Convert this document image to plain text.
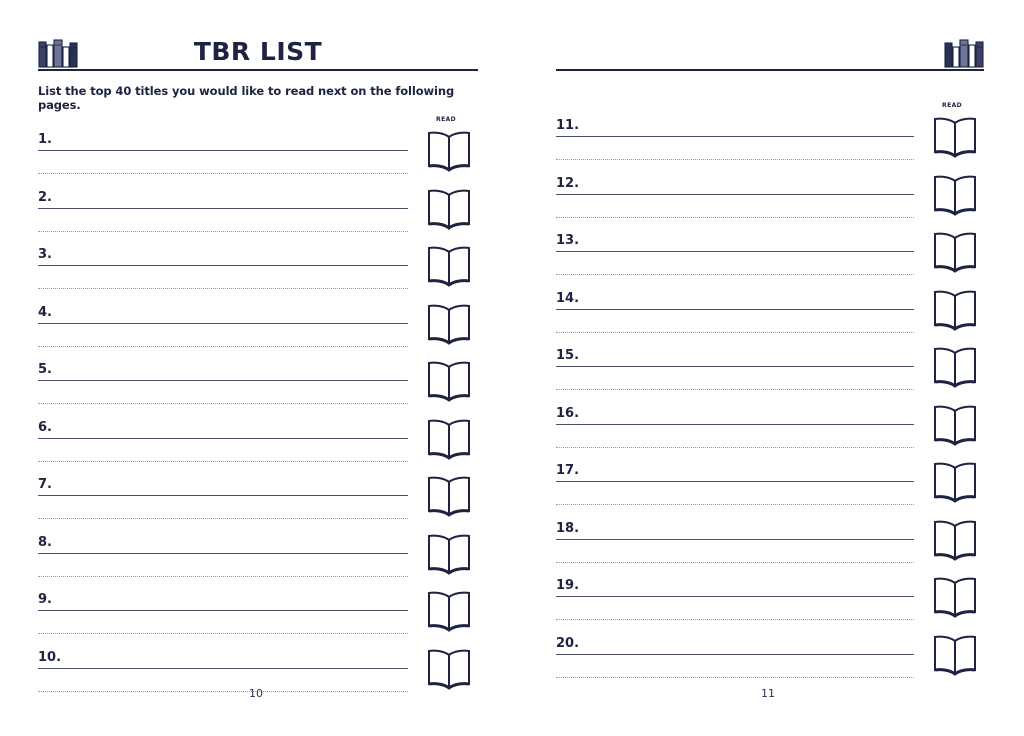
TBR LIST
List the top 40 titles you would like to read next on the following pages.
1.
READ
2.
3.
4.
5.
6.
7.
8.
9.
10.
10
11.
READ
12.
13.
14.
15.
16.
17.
18.
19.
20.
11
